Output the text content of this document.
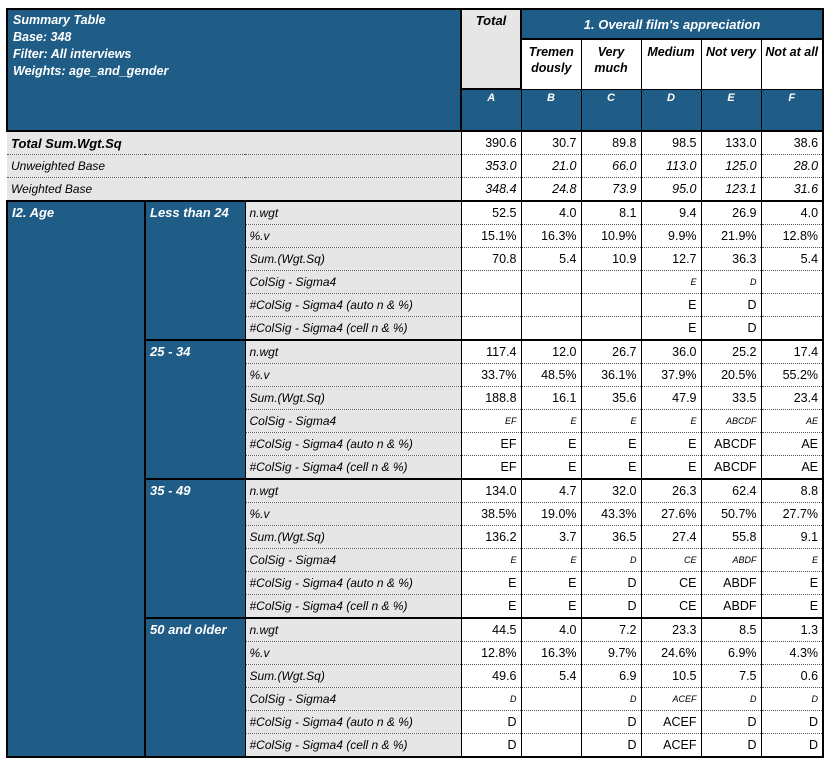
Summary Table
Base: 348
Filter: All interviews
Weights: age_and_gender			Total	1. Overall film's appreciation				
				Tremen dously	Very much	Medium	Not very	Not at all
			A	B	C	D	E	F
Total Sum.Wgt.Sq			390.6	30.7	89.8	98.5	133.0	38.6
Unweighted Base			353.0	21.0	66.0	113.0	125.0	28.0
Weighted Base			348.4	24.8	73.9	95.0	123.1	31.6
I2. Age	Less than 24	n.wgt	52.5	4.0	8.1	9.4	26.9	4.0
		%.v	15.1%	16.3%	10.9%	9.9%	21.9%	12.8%
		Sum.(Wgt.Sq)	70.8	5.4	10.9	12.7	36.3	5.4
		ColSig - Sigma4				E	D	
		#ColSig - Sigma4 (auto n & %)				E	D	
		#ColSig - Sigma4 (cell n & %)				E	D	
	25 - 34	n.wgt	117.4	12.0	26.7	36.0	25.2	17.4
		%.v	33.7%	48.5%	36.1%	37.9%	20.5%	55.2%
		Sum.(Wgt.Sq)	188.8	16.1	35.6	47.9	33.5	23.4
		ColSig - Sigma4	EF	E	E	E	ABCDF	AE
		#ColSig - Sigma4 (auto n & %)	EF	E	E	E	ABCDF	AE
		#ColSig - Sigma4 (cell n & %)	EF	E	E	E	ABCDF	AE
	35 - 49	n.wgt	134.0	4.7	32.0	26.3	62.4	8.8
		%.v	38.5%	19.0%	43.3%	27.6%	50.7%	27.7%
		Sum.(Wgt.Sq)	136.2	3.7	36.5	27.4	55.8	9.1
		ColSig - Sigma4	E	E	D	CE	ABDF	E
		#ColSig - Sigma4 (auto n & %)	E	E	D	CE	ABDF	E
		#ColSig - Sigma4 (cell n & %)	E	E	D	CE	ABDF	E
	50 and older	n.wgt	44.5	4.0	7.2	23.3	8.5	1.3
		%.v	12.8%	16.3%	9.7%	24.6%	6.9%	4.3%
		Sum.(Wgt.Sq)	49.6	5.4	6.9	10.5	7.5	0.6
		ColSig - Sigma4	D		D	ACEF	D	D
		#ColSig - Sigma4 (auto n & %)	D		D	ACEF	D	D
		#ColSig - Sigma4 (cell n & %)	D		D	ACEF	D	D
